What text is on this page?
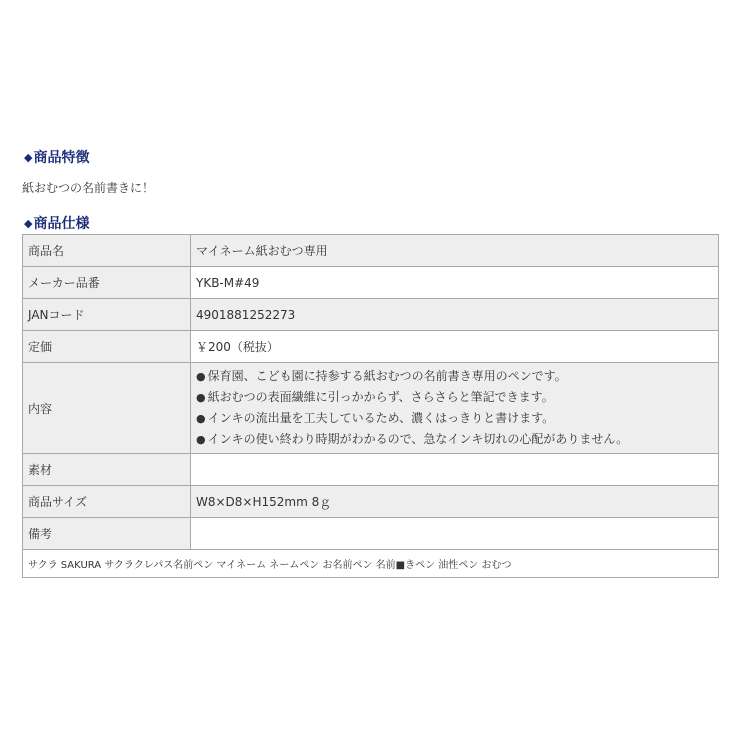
◆商品特徴

紙おむつの名前書きに！

◆商品仕様
商品名	マイネーム紙おむつ専用
メーカー品番	YKB-M#49
JANコード	4901881252273
定価	￥200（税抜）
内容	● 保育園、こども園に持参する紙おむつの名前書き専用のペンです。
● 紙おむつの表面繊維に引っかからず、さらさらと筆記できます。
● インキの流出量を工夫しているため、濃くはっきりと書けます。
● インキの使い終わり時期がわかるので、急なインキ切れの心配がありません。

素材	
商品サイズ	W8×D8×H152mm 8ｇ
備考	
サクラ SAKURA サクラクレパス名前ペン マイネーム ネームペン お名前ペン 名前■きペン 油性ペン おむつ	
